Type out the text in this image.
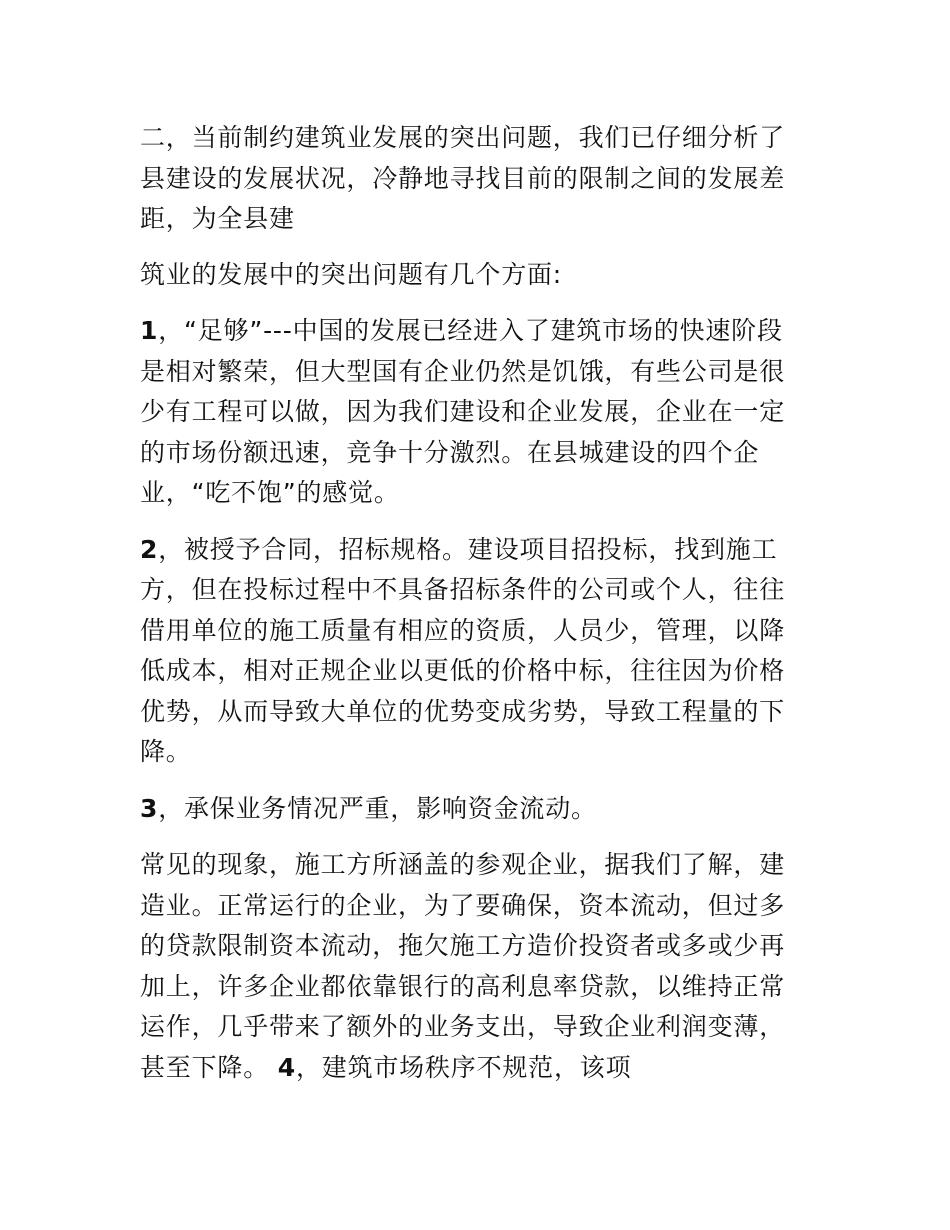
二，当前制约建筑业发展的突出问题，我们已仔细分析了县建设的发展状况，冷静地寻找目前的限制之间的发展差距，为全县建

筑业的发展中的突出问题有几个方面:

1，“足够”---中国的发展已经进入了建筑市场的快速阶段是相对繁荣，但大型国有企业仍然是饥饿，有些公司是很少有工程可以做，因为我们建设和企业发展，企业在一定的市场份额迅速，竞争十分激烈。在县城建设的四个企业，“吃不饱”的感觉。

2，被授予合同，招标规格。建设项目招投标，找到施工方，但在投标过程中不具备招标条件的公司或个人，往往借用单位的施工质量有相应的资质，人员少，管理，以降低成本，相对正规企业以更低的价格中标，往往因为价格优势，从而导致大单位的优势变成劣势，导致工程量的下降。

3，承保业务情况严重，影响资金流动。

常见的现象，施工方所涵盖的参观企业，据我们了解，建造业。正常运行的企业，为了要确保，资本流动，但过多的贷款限制资本流动，拖欠施工方造价投资者或多或少再加上，许多企业都依靠银行的高利息率贷款，以维持正常运作，几乎带来了额外的业务支出，导致企业利润变薄，甚至下降。 4，建筑市场秩序不规范，该项
